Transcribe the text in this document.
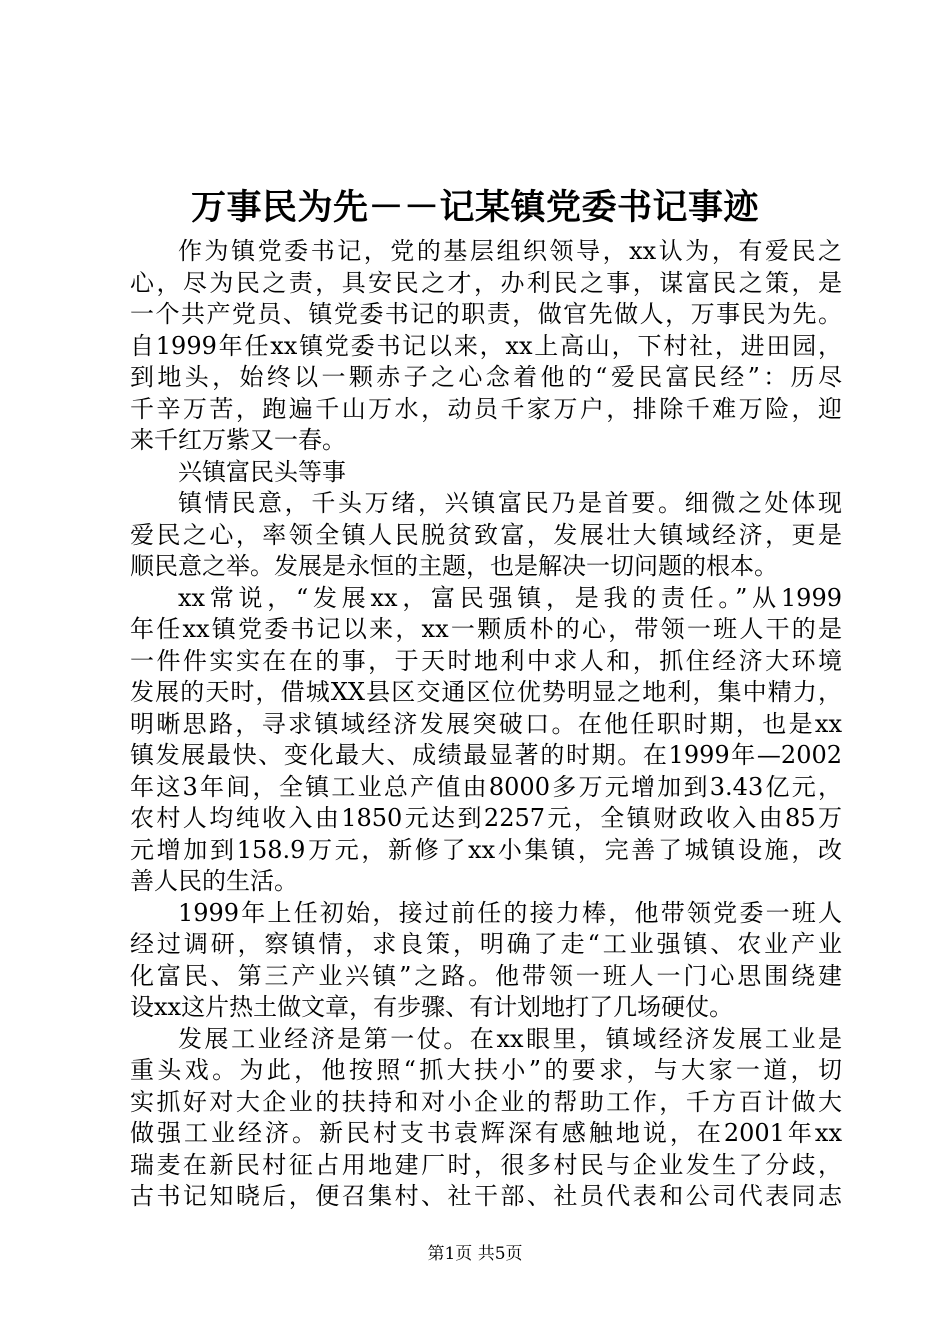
万事民为先－－记某镇党委书记事迹
作为镇党委书记，党的基层组织领导，xx认为，有爱民之
心，尽为民之责，具安民之才，办利民之事，谋富民之策，是
一个共产党员、镇党委书记的职责，做官先做人，万事民为先。
自1999年任xx镇党委书记以来，xx上高山，下村社，进田园，
到地头，始终以一颗赤子之心念着他的“爱民富民经”：历尽
千辛万苦，跑遍千山万水，动员千家万户，排除千难万险，迎
来千红万紫又一春。
兴镇富民头等事
镇情民意，千头万绪，兴镇富民乃是首要。细微之处体现
爱民之心，率领全镇人民脱贫致富，发展壮大镇域经济，更是
顺民意之举。发展是永恒的主题，也是解决一切问题的根本。
xx常说，“发展xx，富民强镇，是我的责任。”从1999
年任xx镇党委书记以来，xx一颗质朴的心，带领一班人干的是
一件件实实在在的事，于天时地利中求人和，抓住经济大环境
发展的天时，借城XX县区交通区位优势明显之地利，集中精力，
明晰思路，寻求镇域经济发展突破口。在他任职时期，也是xx
镇发展最快、变化最大、成绩最显著的时期。在1999年—2002
年这3年间，全镇工业总产值由8000多万元增加到3.43亿元，
农村人均纯收入由1850元达到2257元，全镇财政收入由85万
元增加到158.9万元，新修了xx小集镇，完善了城镇设施，改
善人民的生活。
1999年上任初始，接过前任的接力棒，他带领党委一班人
经过调研，察镇情，求良策，明确了走“工业强镇、农业产业
化富民、第三产业兴镇”之路。他带领一班人一门心思围绕建
设xx这片热土做文章，有步骤、有计划地打了几场硬仗。
发展工业经济是第一仗。在xx眼里，镇域经济发展工业是
重头戏。为此，他按照“抓大扶小”的要求，与大家一道，切
实抓好对大企业的扶持和对小企业的帮助工作，千方百计做大
做强工业经济。新民村支书袁辉深有感触地说，在2001年xx
瑞麦在新民村征占用地建厂时，很多村民与企业发生了分歧，
古书记知晓后，便召集村、社干部、社员代表和公司代表同志
第1页 共5页
